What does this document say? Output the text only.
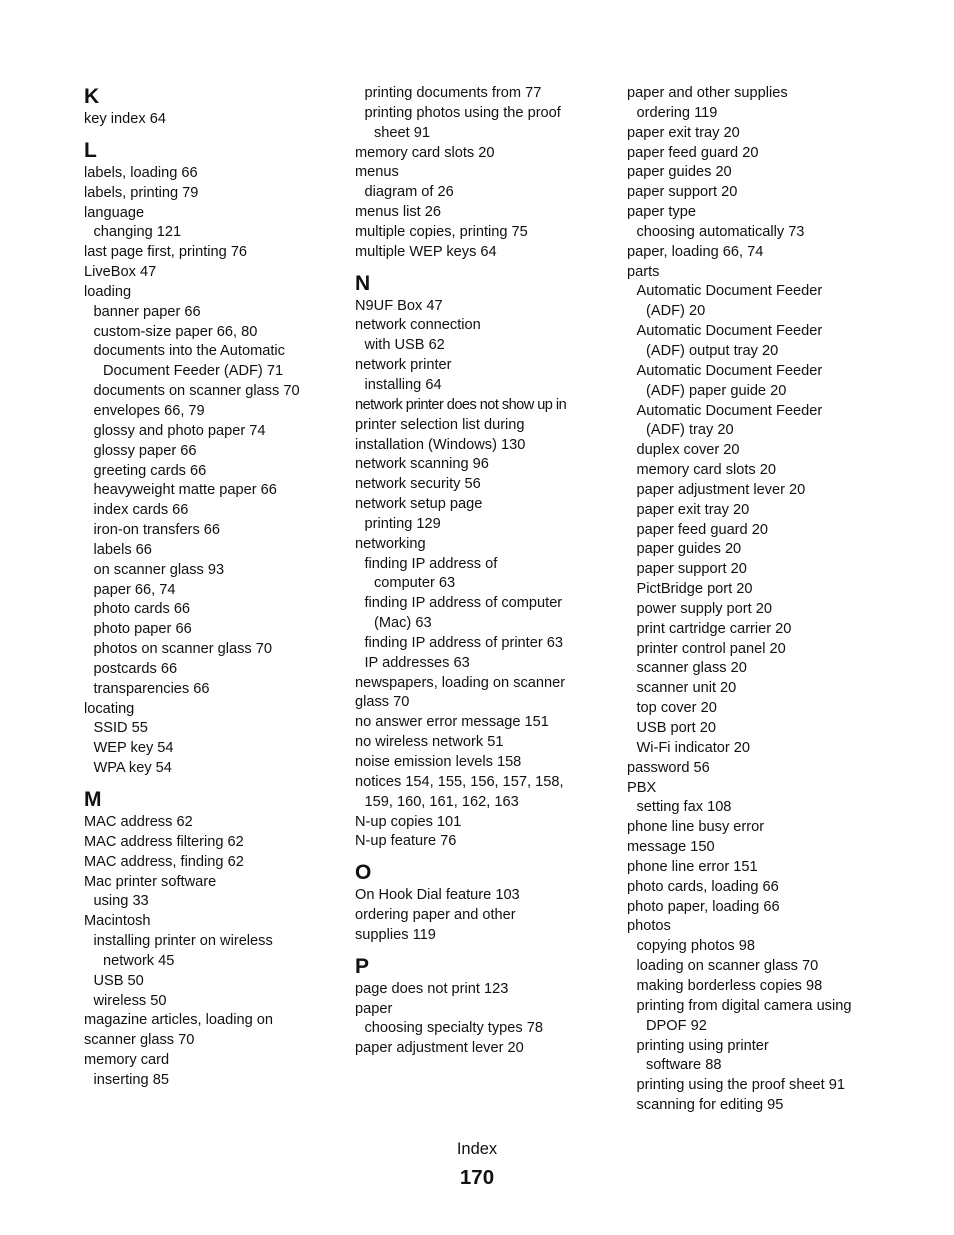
K
key index 64
L
labels, loading 66
labels, printing 79
language
changing 121
last page first, printing 76
LiveBox 47
loading
banner paper 66
custom-size paper 66, 80
documents into the Automatic
Document Feeder (ADF) 71
documents on scanner glass 70
envelopes 66, 79
glossy and photo paper 74
glossy paper 66
greeting cards 66
heavyweight matte paper 66
index cards 66
iron-on transfers 66
labels 66
on scanner glass 93
paper 66, 74
photo cards 66
photo paper 66
photos on scanner glass 70
postcards 66
transparencies 66
locating
SSID 55
WEP key 54
WPA key 54
M
MAC address 62
MAC address filtering 62
MAC address, finding 62
Mac printer software
using 33
Macintosh
installing printer on wireless
network 45
USB 50
wireless 50
magazine articles, loading on
scanner glass 70
memory card
inserting 85
printing documents from 77
printing photos using the proof
sheet 91
memory card slots 20
menus
diagram of 26
menus list 26
multiple copies, printing 75
multiple WEP keys 64
N
N9UF Box 47
network connection
with USB 62
network printer
installing 64
network printer does not show up in
printer selection list during
installation (Windows) 130
network scanning 96
network security 56
network setup page
printing 129
networking
finding IP address of
computer 63
finding IP address of computer
(Mac) 63
finding IP address of printer 63
IP addresses 63
newspapers, loading on scanner
glass 70
no answer error message 151
no wireless network 51
noise emission levels 158
notices 154, 155, 156, 157, 158,
159, 160, 161, 162, 163
N-up copies 101
N-up feature 76
O
On Hook Dial feature 103
ordering paper and other
supplies 119
P
page does not print 123
paper
choosing specialty types 78
paper adjustment lever 20
paper and other supplies
ordering 119
paper exit tray 20
paper feed guard 20
paper guides 20
paper support 20
paper type
choosing automatically 73
paper, loading 66, 74
parts
Automatic Document Feeder
(ADF) 20
Automatic Document Feeder
(ADF) output tray 20
Automatic Document Feeder
(ADF) paper guide 20
Automatic Document Feeder
(ADF) tray 20
duplex cover 20
memory card slots 20
paper adjustment lever 20
paper exit tray 20
paper feed guard 20
paper guides 20
paper support 20
PictBridge port 20
power supply port 20
print cartridge carrier 20
printer control panel 20
scanner glass 20
scanner unit 20
top cover 20
USB port 20
Wi-Fi indicator 20
password 56
PBX
setting fax 108
phone line busy error
message 150
phone line error 151
photo cards, loading 66
photo paper, loading 66
photos
copying photos 98
loading on scanner glass 70
making borderless copies 98
printing from digital camera using
DPOF 92
printing using printer
software 88
printing using the proof sheet 91
scanning for editing 95
Index
170
